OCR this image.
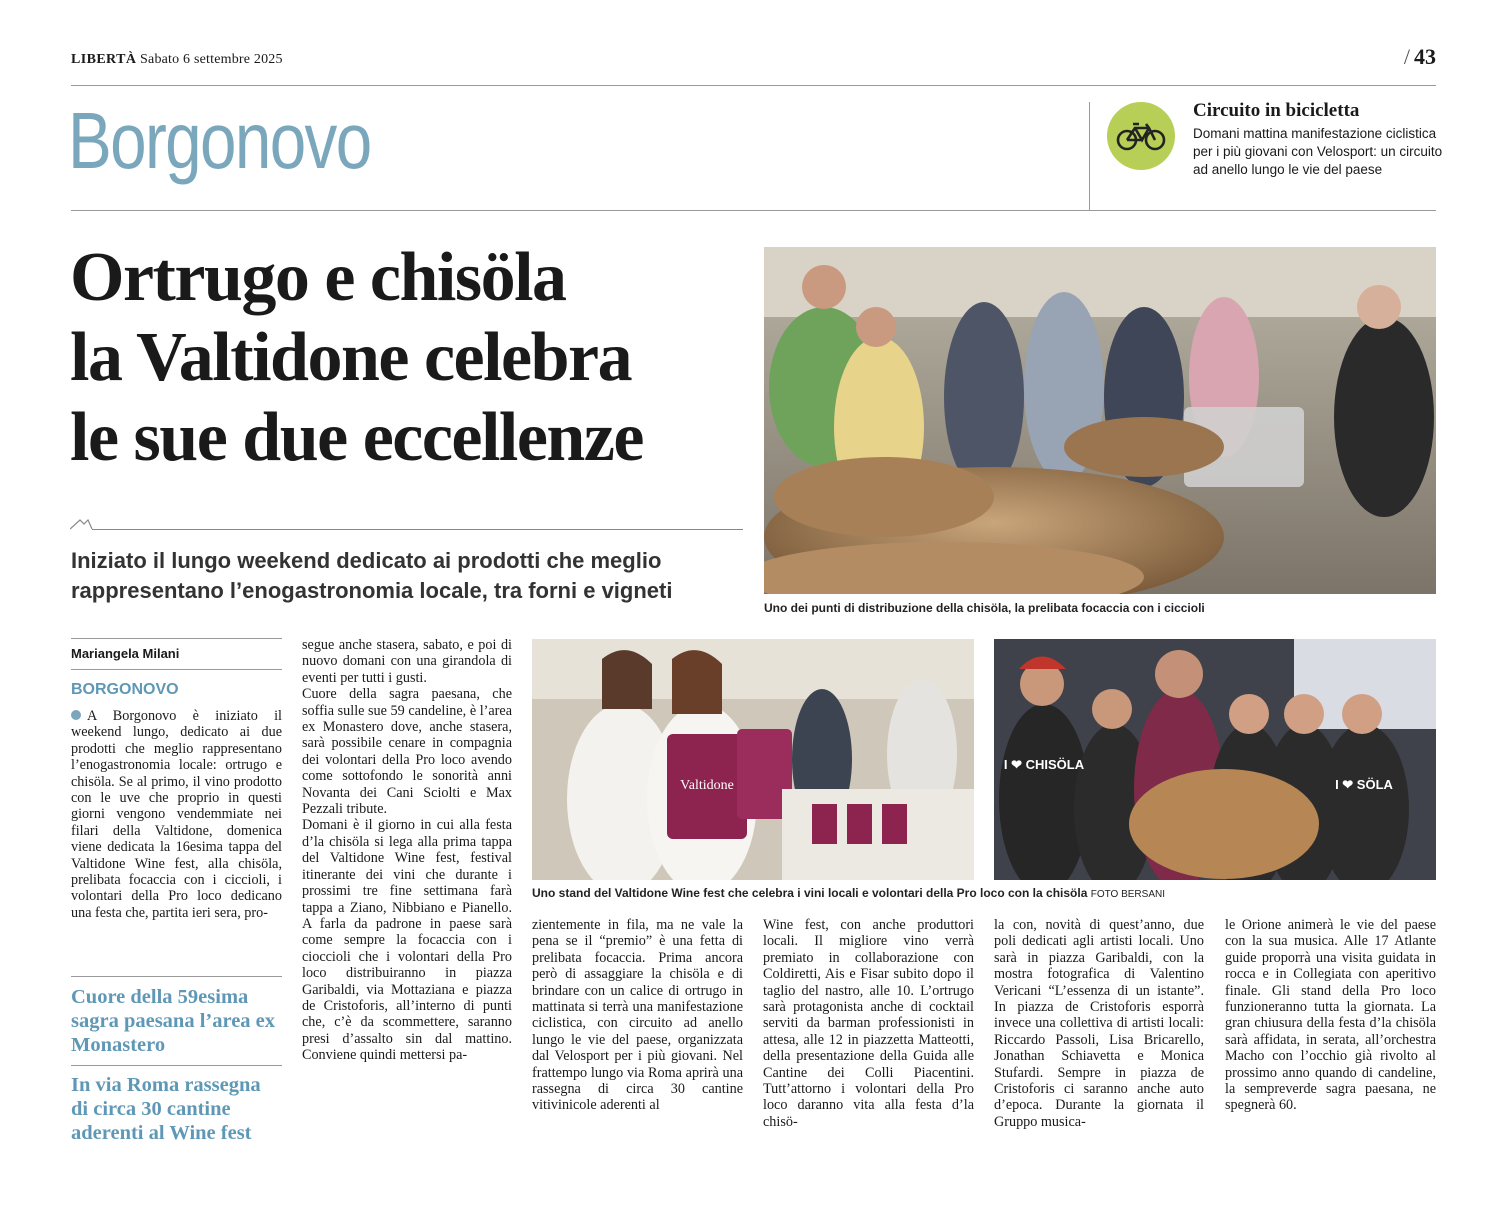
LIBERTÀ Sabato 6 settembre 2025	/ 43
Borgonovo	Circuito in bicicletta
Domani mattina manifestazione ciclistica per i più giovani con Velosport: un circuito ad anello lungo le vie del paese
Ortrugo e chisöla
la Valtidone celebra
le sue due eccellenze
Iniziato il lungo weekend dedicato ai prodotti che meglio rappresentano l’enogastronomia locale, tra forni e vigneti
Uno dei punti di distribuzione della chisöla, la prelibata focaccia con i ciccioli
Valtidone
I ❤ CHISÖLA
I ❤ SÖLA
Uno stand del Valtidone Wine fest che celebra i vini locali e volontari della Pro loco con la chisöla FOTO BERSANI
Mariangela Milani
BORGONOVO

A Borgonovo è iniziato il weekend lungo, dedicato ai due prodotti che meglio rappresentano l’enogastronomia locale: ortrugo e chisöla. Se al primo, il vino prodotto con le uve che proprio in questi giorni vengono vendemmiate nei filari della Valtidone, domenica viene dedicata la 16esima tappa del Valtidone Wine fest, alla chisöla, prelibata focaccia con i ciccioli, i volontari della Pro loco dedicano una festa che, partita ieri sera, pro-

Cuore della 59esima sagra paesana l’area ex Monastero
In via Roma rassegna di circa 30 cantine aderenti al Wine fest

segue anche stasera, sabato, e poi di nuovo domani con una girandola di eventi per tutti i gusti.

Cuore della sagra paesana, che soffia sulle sue 59 candeline, è l’area ex Monastero dove, anche stasera, sarà possibile cenare in compagnia dei volontari della Pro loco avendo come sottofondo le sonorità anni Novanta dei Cani Sciolti e Max Pezzali tribute.

Domani è il giorno in cui alla festa d’la chisöla si lega alla prima tappa del Valtidone Wine fest, festival itinerante dei vini che durante i prossimi tre fine settimana farà tappa a Ziano, Nibbiano e Pianello. A farla da padrone in paese sarà come sempre la focaccia con i cioccioli che i volontari della Pro loco distribuiranno in piazza Garibaldi, via Mottaziana e piazza de Cristoforis, all’interno di punti che, c’è da scommettere, saranno presi d’assalto sin dal mattino. Conviene quindi mettersi pa-

zientemente in fila, ma ne vale la pena se il “premio” è una fetta di prelibata focaccia. Prima ancora però di assaggiare la chisöla e di brindare con un calice di ortrugo in mattinata si terrà una manifestazione ciclistica, con circuito ad anello lungo le vie del paese, organizzata dal Velosport per i più giovani. Nel frattempo lungo via Roma aprirà una rassegna di circa 30 cantine vitivinicole aderenti al

Wine fest, con anche produttori locali. Il migliore vino verrà premiato in collaborazione con Coldiretti, Ais e Fisar subito dopo il taglio del nastro, alle 10. L’ortrugo sarà protagonista anche di cocktail serviti da barman professionisti in attesa, alle 12 in piazzetta Matteotti, della presentazione della Guida alle Cantine dei Colli Piacentini. Tutt’attorno i volontari della Pro loco daranno vita alla festa d’la chisö-

la con, novità di quest’anno, due poli dedicati agli artisti locali. Uno sarà in piazza Garibaldi, con la mostra fotografica di Valentino Vericani “L’essenza di un istante”. In piazza de Cristoforis esporrà invece una collettiva di artisti locali: Riccardo Passoli, Lisa Bricarello, Jonathan Schiavetta e Monica Stufardi. Sempre in piazza de Cristoforis ci saranno anche auto d’epoca. Durante la giornata il Gruppo musica-

le Orione animerà le vie del paese con la sua musica. Alle 17 Atlante guide proporrà una visita guidata in rocca e in Collegiata con aperitivo finale. Gli stand della Pro loco funzioneranno tutta la giornata. La gran chiusura della festa d’la chisöla sarà affidata, in serata, all’orchestra Macho con l’occhio già rivolto al prossimo anno quando di candeline, la sempreverde sagra paesana, ne spegnerà 60.
